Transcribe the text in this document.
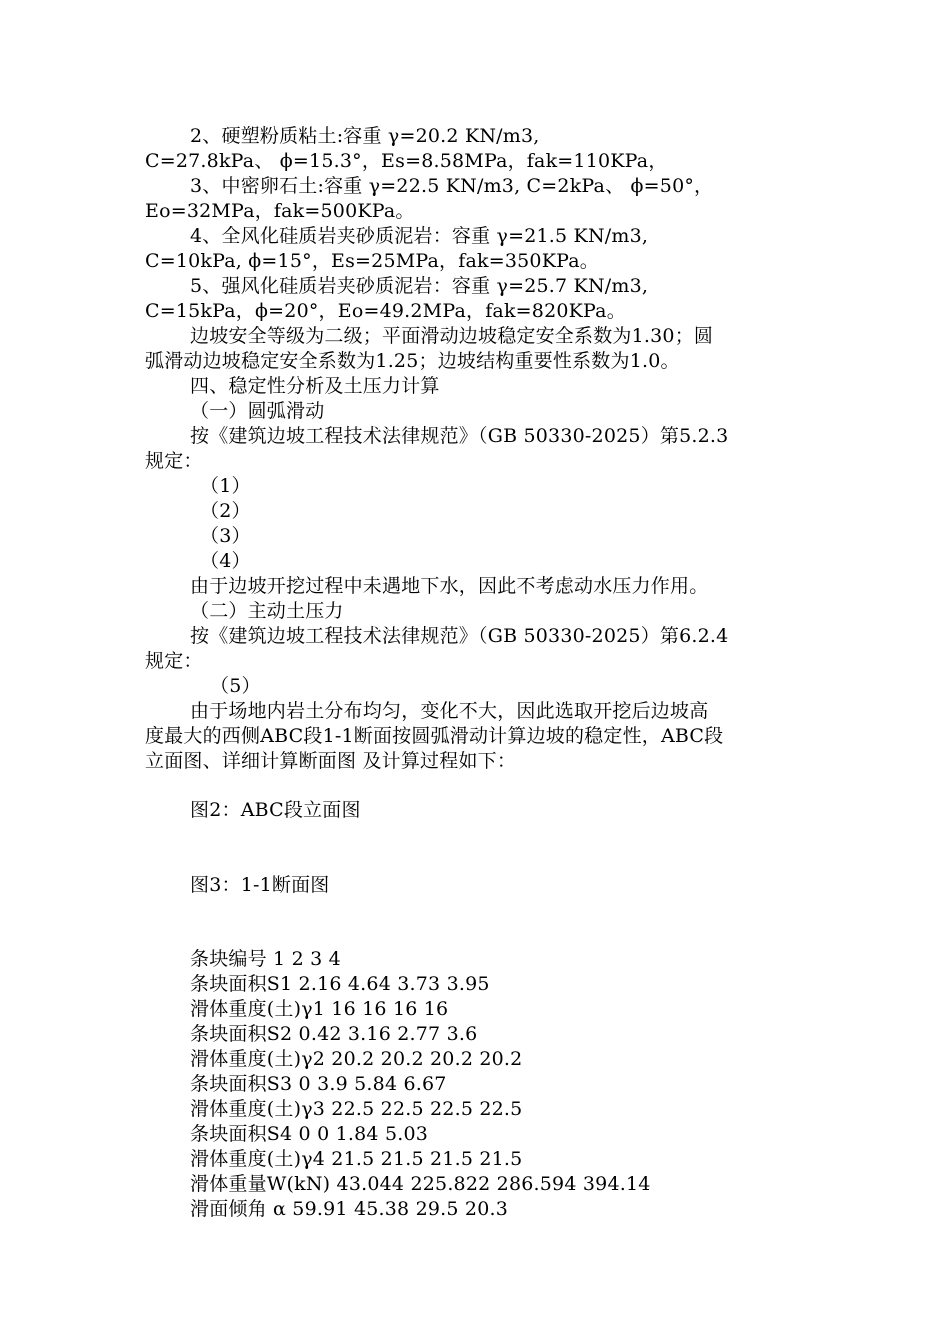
2、硬塑粉质粘土:容重 γ=20.2 KN/m3,
C=27.8kPa、 ϕ=15.3°，Es=8.58MPa，fak=110KPa，
3、中密卵石土:容重 γ=22.5 KN/m3, C=2kPa、 ϕ=50°，
Eo=32MPa，fak=500KPa。
4、全风化硅质岩夹砂质泥岩：容重 γ=21.5 KN/m3,
C=10kPa, ϕ=15°，Es=25MPa，fak=350KPa。
5、强风化硅质岩夹砂质泥岩：容重 γ=25.7 KN/m3,
C=15kPa，ϕ=20°，Eo=49.2MPa，fak=820KPa。
边坡安全等级为二级；平面滑动边坡稳定安全系数为1.30；圆
弧滑动边坡稳定安全系数为1.25；边坡结构重要性系数为1.0。
四、稳定性分析及土压力计算
（一）圆弧滑动
按《建筑边坡工程技术法律规范》（GB 50330-2025）第5.2.3
规定：
（1）
（2）
（3）
（4）
由于边坡开挖过程中未遇地下水，因此不考虑动水压力作用。
（二）主动土压力
按《建筑边坡工程技术法律规范》（GB 50330-2025）第6.2.4
规定：
（5）
由于场地内岩土分布均匀，变化不大，因此选取开挖后边坡高
度最大的西侧ABC段1-1断面按圆弧滑动计算边坡的稳定性，ABC段
立面图、详细计算断面图 及计算过程如下：
图2：ABC段立面图
图3：1-1断面图
条块编号 1 2 3 4
条块面积S1 2.16 4.64 3.73 3.95
滑体重度(土)γ1 16 16 16 16
条块面积S2 0.42 3.16 2.77 3.6
滑体重度(土)γ2 20.2 20.2 20.2 20.2
条块面积S3 0 3.9 5.84 6.67
滑体重度(土)γ3 22.5 22.5 22.5 22.5
条块面积S4 0 0 1.84 5.03
滑体重度(土)γ4 21.5 21.5 21.5 21.5
滑体重量W(kN) 43.044 225.822 286.594 394.14
滑面倾角 α 59.91 45.38 29.5 20.3
